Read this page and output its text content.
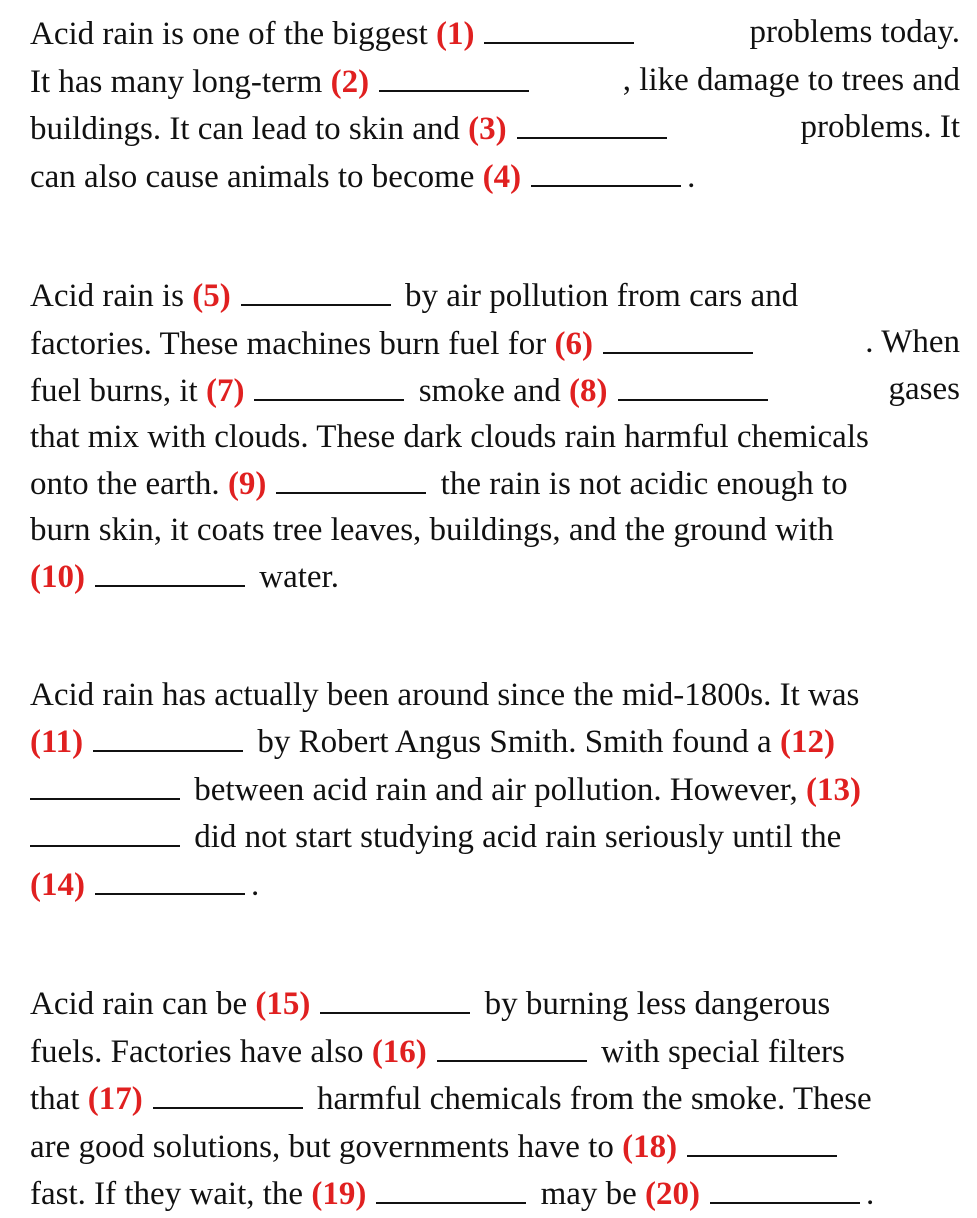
Acid rain is one of the biggest (1)	problems today.
It has many long-term (2)	, like damage to trees and
buildings. It can lead to skin and (3)	problems. It
can also cause animals to become (4)	.
Acid rain is (5)	by air pollution from cars and
factories. These machines burn fuel for (6)	. When
fuel burns, it (7)	smoke and (8)	gases
that mix with clouds. These dark clouds rain harmful chemicals
onto the earth. (9)	the rain is not acidic enough to
burn skin, it coats tree leaves, buildings, and the ground with
(10)	water.
Acid rain has actually been around since the mid-1800s. It was
(11)	by Robert Angus Smith. Smith found a (12)
between acid rain and air pollution. However, (13)
did not start studying acid rain seriously until the
(14)	.
Acid rain can be (15)	by burning less dangerous
fuels. Factories have also (16)	with special filters
that (17)	harmful chemicals from the smoke. These
are good solutions, but governments have to (18)
fast. If they wait, the (19)	may be (20)	.
